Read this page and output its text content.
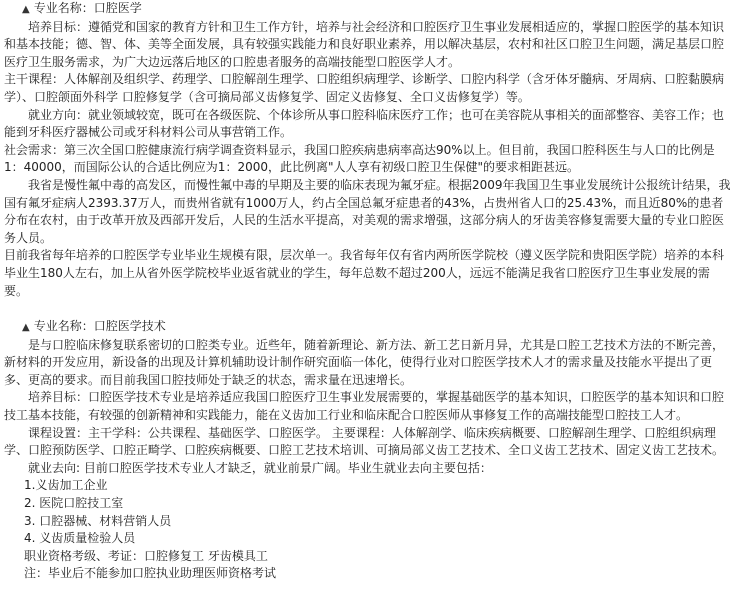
▲ 专业名称：口腔医学

培养目标：遵循党和国家的教育方针和卫生工作方针，培养与社会经济和口腔医疗卫生事业发展相适应的，掌握口腔医学的基本知识和基本技能；德、智、体、美等全面发展，具有较强实践能力和良好职业素养，用以解决基层，农村和社区口腔卫生问题，满足基层口腔医疗卫生服务需求，为广大边远落后地区的口腔患者服务的高端技能型口腔医学人才。

主干课程：人体解剖及组织学、药理学、口腔解剖生理学、口腔组织病理学、诊断学、口腔内科学（含牙体牙髓病、牙周病、口腔黏膜病学）、口腔颌面外科学 口腔修复学（含可摘局部义齿修复学、固定义齿修复、全口义齿修复学）等。

就业方向：就业领域较宽，既可在各级医院、个体诊所从事口腔科临床医疗工作；也可在美容院从事相关的面部整容、美容工作；也能到牙科医疗器械公司或牙科材料公司从事营销工作。

社会需求：第三次全国口腔健康流行病学调查资料显示，我国口腔疾病患病率高达90%以上。但目前，我国口腔科医生与人口的比例是1：40000，而国际公认的合适比例应为1：2000，此比例离"人人享有初级口腔卫生保健"的要求相距甚远。

我省是慢性氟中毒的高发区，而慢性氟中毒的早期及主要的临床表现为氟牙症。根据2009年我国卫生事业发展统计公报统计结果，我国有氟牙症病人2393.37万人，而贵州省就有1000万人，约占全国总氟牙症患者的43%，占贵州省人口的25.43%，而且近80%的患者分布在农村，由于改革开放及西部开发后，人民的生活水平提高，对美观的需求增强，这部分病人的牙齿美容修复需要大量的专业口腔医务人员。

目前我省每年培养的口腔医学专业毕业生规模有限，层次单一。我省每年仅有省内两所医学院校（遵义医学院和贵阳医学院）培养的本科毕业生180人左右，加上从省外医学院校毕业返省就业的学生，每年总数不超过200人，远远不能满足我省口腔医疗卫生事业发展的需要。

▲ 专业名称：口腔医学技术

是与口腔临床修复联系密切的口腔类专业。近些年，随着新理论、新方法、新工艺日新月异，尤其是口腔工艺技术方法的不断完善，新材料的开发应用，新设备的出现及计算机辅助设计制作研究面临一体化，使得行业对口腔医学技术人才的需求量及技能水平提出了更多、更高的要求。而目前我国口腔技师处于缺乏的状态，需求量在迅速增长。

培养目标：口腔医学技术专业是培养适应我国口腔医疗卫生事业发展需要的，掌握基础医学的基本知识，口腔医学的基本知识和口腔技工基本技能，有较强的创新精神和实践能力，能在义齿加工行业和临床配合口腔医师从事修复工作的高端技能型口腔技工人才。

课程设置：主干学科：公共课程、基础医学、口腔医学。 主要课程：人体解剖学、临床疾病概要、口腔解剖生理学、口腔组织病理学、口腔预防医学、口腔正畸学、口腔疾病概要、口腔工艺技术培训、可摘局部义齿工艺技术、全口义齿工艺技术、固定义齿工艺技术。

就业去向: 目前口腔医学技术专业人才缺乏，就业前景广阔。毕业生就业去向主要包括：

1.义齿加工企业

2. 医院口腔技工室

3. 口腔器械、材料营销人员

4. 义齿质量检验人员

职业资格考级、考证：口腔修复工 牙齿模具工

注：毕业后不能参加口腔执业助理医师资格考试
